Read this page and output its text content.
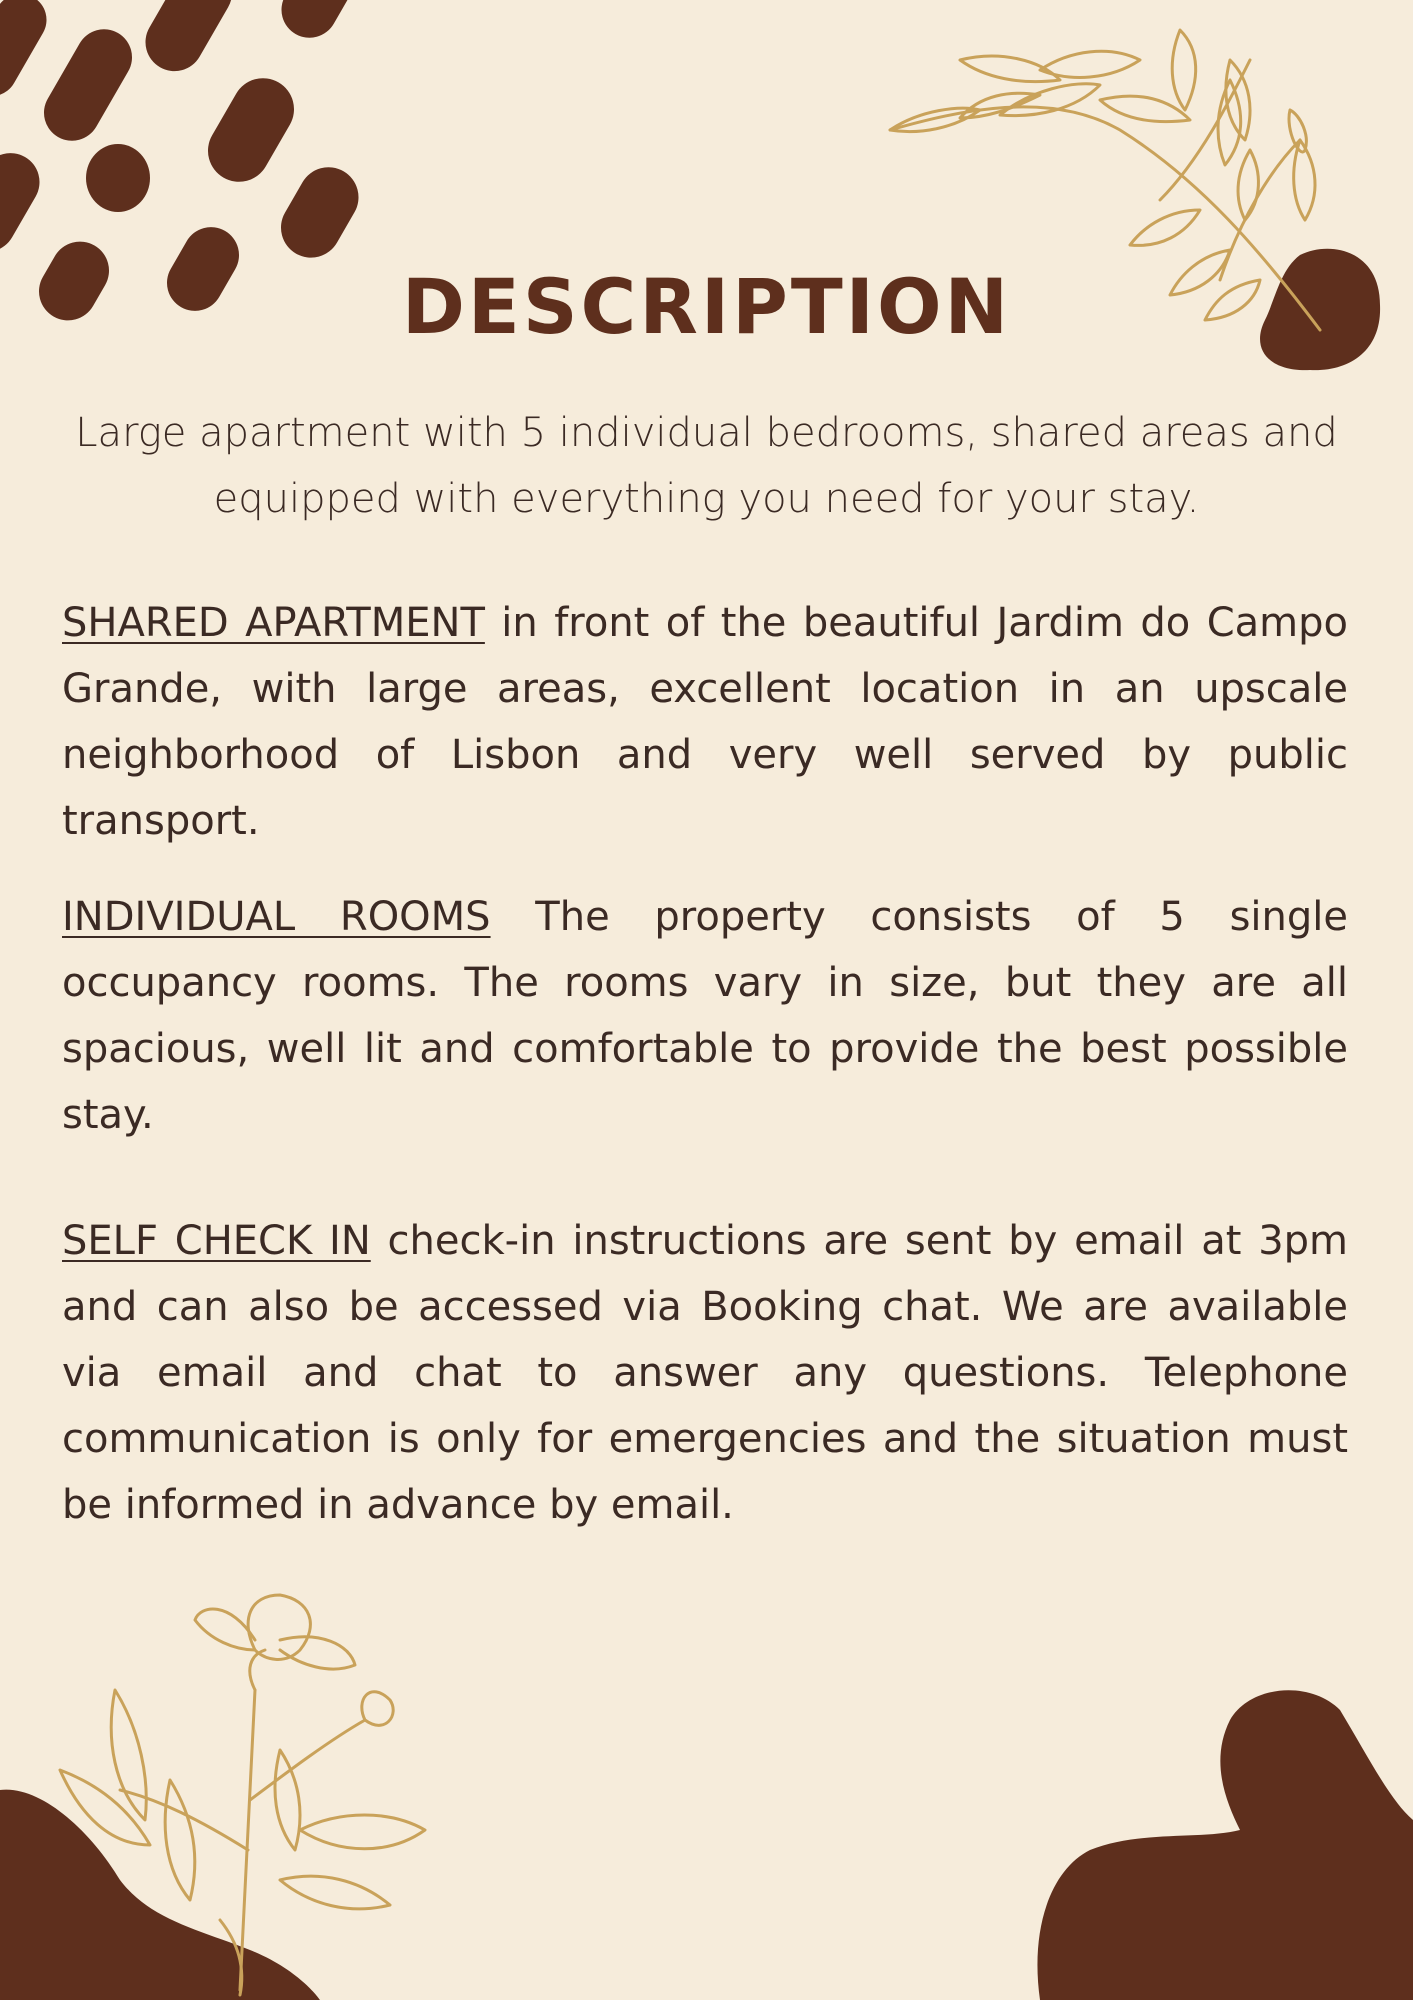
DESCRIPTION

Large apartment with 5 individual bedrooms, shared areas and equipped with everything you need for your stay.

SHARED APARTMENT in front of the beautiful Jardim do Campo Grande, with large areas, excellent location in an upscale neighborhood of Lisbon and very well served by public transport.

INDIVIDUAL ROOMS The property consists of 5 single occupancy rooms. The rooms vary in size, but they are all spacious, well lit and comfortable to provide the best possible stay.

SELF CHECK IN check-in instructions are sent by email at 3pm and can also be accessed via Booking chat. We are available via email and chat to answer any questions. Telephone communication is only for emergencies and the situation must be informed in advance by email.
